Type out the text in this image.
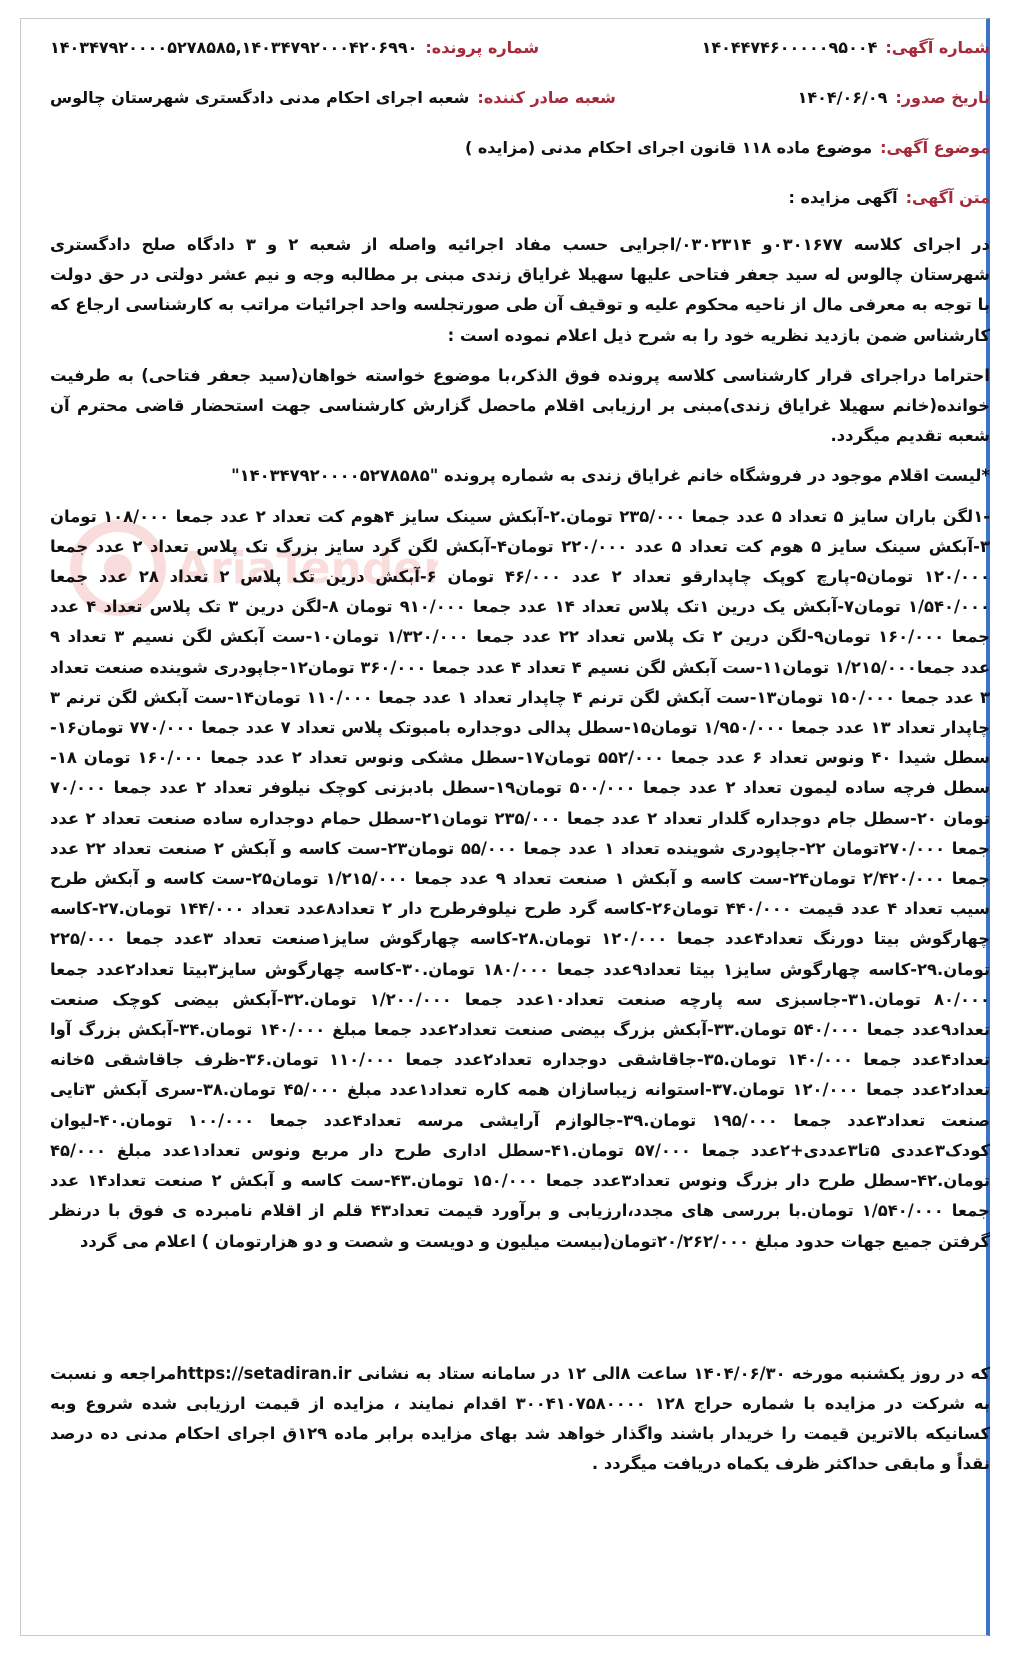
AriaTender
شماره آگهی:
۱۴۰۴۴۷۴۶۰۰۰۰۰۹۵۰۰۴
شماره پرونده:
۱۴۰۳۴۷۹۲۰۰۰۰۵۲۷۸۵۸۵,۱۴۰۳۴۷۹۲۰۰۰۴۲۰۶۹۹۰
تاریخ صدور:
۱۴۰۴/۰۶/۰۹
شعبه صادر کننده:
شعبه اجرای احکام مدنی دادگستری شهرستان چالوس
موضوع آگهی:
موضوع ماده ۱۱۸ قانون اجرای احکام مدنی (مزایده )
متن آگهی:
آگهی مزایده :

در اجرای کلاسه ۰۳۰۱۶۷۷و ۰۳۰۲۳۱۴/اجرایی حسب مفاد اجرائیه واصله از شعبه ۲ و ۳ دادگاه صلح دادگستری شهرستان چالوس له سید جعفر فتاحی علیها سهیلا غرایاق زندی مبنی بر مطالبه وجه و نیم عشر دولتی در حق دولت با توجه به معرفی مال از ناحیه محکوم علیه و توقیف آن طی صورتجلسه واحد اجرائیات مراتب به کارشناسی ارجاع که کارشناس ضمن بازدید نظریه خود را به شرح ذیل اعلام نموده است :

احتراما دراجرای قرار کارشناسی کلاسه پرونده فوق الذکر،با موضوع خواسته خواهان(سید جعفر فتاحی) به طرفیت خوانده(خانم سهیلا غرایاق زندی)مبنی بر ارزیابی اقلام ماحصل گزارش کارشناسی جهت استحضار قاضی محترم آن شعبه تقدیم میگردد.

*لیست اقلام موجود در فروشگاه خانم غرایاق زندی به شماره پرونده "۱۴۰۳۴۷۹۲۰۰۰۰۵۲۷۸۵۸۵"

-۱لگن باران سایز ۵ تعداد ۵ عدد جمعا ۲۳۵/۰۰۰ تومان.۲-آبکش سینک سایز ۴هوم کت تعداد ۲ عدد جمعا ۱۰۸/۰۰۰ تومان ۳-آبکش سینک سایز ۵ هوم کت تعداد ۵ عدد ۲۲۰/۰۰۰ تومان۴-آبکش لگن گرد سایز بزرگ تک پلاس تعداد ۲ عدد جمعا ۱۲۰/۰۰۰ تومان۵-پارچ کوپک چاپدارقو تعداد ۲ عدد ۴۶/۰۰۰ تومان ۶-آبکش درین تک پلاس ۲ تعداد ۲۸ عدد جمعا ۱/۵۴۰/۰۰۰ تومان۷-آبکش یک درین ۱تک پلاس تعداد ۱۴ عدد جمعا ۹۱۰/۰۰۰ تومان ۸-لگن درین ۳ تک پلاس تعداد ۴ عدد جمعا ۱۶۰/۰۰۰ تومان۹-لگن درین ۲ تک پلاس تعداد ۲۲ عدد جمعا ۱/۳۲۰/۰۰۰ تومان۱۰-ست آبکش لگن نسیم ۳ تعداد ۹ عدد جمعا۱/۲۱۵/۰۰۰ تومان۱۱-ست آبکش لگن نسیم ۴ تعداد ۴ عدد جمعا ۳۶۰/۰۰۰ تومان۱۲-جاپودری شوینده صنعت تعداد ۳ عدد جمعا ۱۵۰/۰۰۰ تومان۱۳-ست آبکش لگن ترنم ۴ چاپدار تعداد ۱ عدد جمعا ۱۱۰/۰۰۰ تومان۱۴-ست آبکش لگن ترنم ۳ چاپدار تعداد ۱۳ عدد جمعا ۱/۹۵۰/۰۰۰ تومان۱۵-سطل پدالی دوجداره بامبوتک پلاس تعداد ۷ عدد جمعا ۷۷۰/۰۰۰ تومان۱۶-سطل شیدا ۴۰ ونوس تعداد ۶ عدد جمعا ۵۵۲/۰۰۰ تومان۱۷-سطل مشکی ونوس تعداد ۲ عدد جمعا ۱۶۰/۰۰۰ تومان ۱۸-سطل فرچه ساده لیمون تعداد ۲ عدد جمعا ۵۰۰/۰۰۰ تومان۱۹-سطل بادبزنی کوچک نیلوفر تعداد ۲ عدد جمعا ۷۰/۰۰۰ تومان ۲۰-سطل جام دوجداره گلدار تعداد ۲ عدد جمعا ۲۳۵/۰۰۰ تومان۲۱-سطل حمام دوجداره ساده صنعت تعداد ۲ عدد جمعا ۲۷۰/۰۰۰تومان ۲۲-جاپودری شوینده تعداد ۱ عدد جمعا ۵۵/۰۰۰ تومان۲۳-ست کاسه و آبکش ۲ صنعت تعداد ۲۲ عدد جمعا ۲/۴۲۰/۰۰۰ تومان۲۴-ست کاسه و آبکش ۱ صنعت تعداد ۹ عدد جمعا ۱/۲۱۵/۰۰۰ تومان۲۵-ست کاسه و آبکش طرح سیب تعداد ۴ عدد قیمت ۴۴۰/۰۰۰ تومان۲۶-کاسه گرد طرح نیلوفرطرح دار ۲ تعداد۸عدد تعداد ۱۴۴/۰۰۰ تومان.۲۷-کاسه چهارگوش بیتا دورنگ تعداد۴عدد جمعا ۱۲۰/۰۰۰ تومان.۲۸-کاسه چهارگوش سایز۱صنعت تعداد ۳عدد جمعا ۲۲۵/۰۰۰ تومان.۲۹-کاسه چهارگوش سایز۱ بیتا تعداد۹عدد جمعا ۱۸۰/۰۰۰ تومان.۳۰-کاسه چهارگوش سایز۳بیتا تعداد۲عدد جمعا ۸۰/۰۰۰ تومان.۳۱-جاسبزی سه پارچه صنعت تعداد۱۰عدد جمعا ۱/۲۰۰/۰۰۰ تومان.۳۲-آبکش بیضی کوچک صنعت تعداد۹عدد جمعا ۵۴۰/۰۰۰ تومان.۳۳-آبکش بزرگ بیضی صنعت تعداد۲عدد جمعا مبلغ ۱۴۰/۰۰۰ تومان.۳۴-آبکش بزرگ آوا تعداد۴عدد جمعا ۱۴۰/۰۰۰ تومان.۳۵-جاقاشقی دوجداره تعداد۲عدد جمعا ۱۱۰/۰۰۰ تومان.۳۶-ظرف جاقاشقی ۵خانه تعداد۲عدد جمعا ۱۲۰/۰۰۰ تومان.۳۷-استوانه زیباسازان همه کاره تعداد۱عدد مبلغ ۴۵/۰۰۰ تومان.۳۸-سری آبکش ۳تایی صنعت تعداد۳عدد جمعا ۱۹۵/۰۰۰ تومان.۳۹-جالوازم آرایشی مرسه تعداد۴عدد جمعا ۱۰۰/۰۰۰ تومان.۴۰-لیوان کودک۳عددی ۵تا۳عددی+۲عدد جمعا ۵۷/۰۰۰ تومان.۴۱-سطل اداری طرح دار مربع ونوس تعداد۱عدد مبلغ ۴۵/۰۰۰ تومان.۴۲-سطل طرح دار بزرگ ونوس تعداد۳عدد جمعا ۱۵۰/۰۰۰ تومان.۴۳-ست کاسه و آبکش ۲ صنعت تعداد۱۴ عدد جمعا ۱/۵۴۰/۰۰۰ تومان.با بررسی های مجدد،ارزیابی و برآورد قیمت تعداد۴۳ قلم از اقلام نامبرده ی فوق با درنظر گرفتن جمیع جهات حدود مبلغ ۲۰/۲۶۲/۰۰۰تومان(بیست میلیون و دویست و شصت و دو هزارتومان ) اعلام می گردد

که در روز یکشنبه مورخه ۱۴۰۴/۰۶/۳۰ ساعت ۸الی ۱۲ در سامانه ستاد به نشانی https://setadiran.irمراجعه و نسبت به شرکت در مزایده با شماره حراج ۱۲۸ ۳۰۰۴۱۰۷۵۸۰۰۰۰ اقدام نمایند ، مزایده از قیمت ارزیابی شده شروع وبه کسانیکه بالاترین قیمت را خریدار باشند واگذار خواهد شد بهای مزایده برابر ماده ۱۲۹ق اجرای احکام مدنی ده درصد نقداً و مابقی حداکثر ظرف یکماه دریافت میگردد .
